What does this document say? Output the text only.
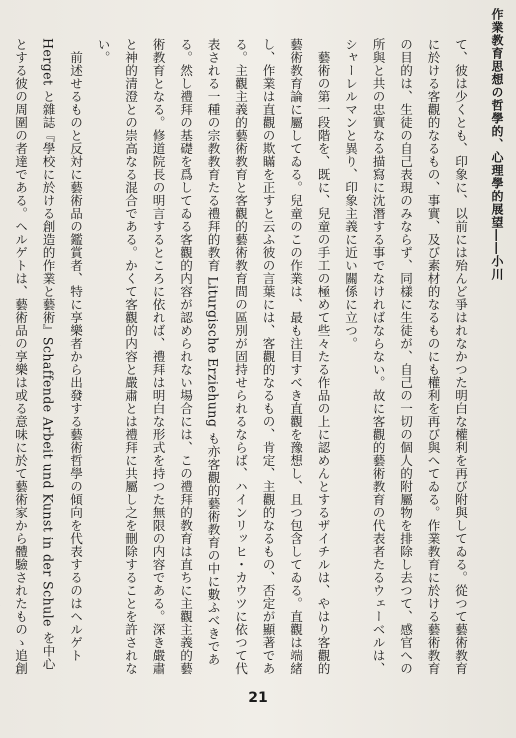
作業教育思想の哲學的、心理學的展望――小川

て、彼は少くとも、印象に、以前には殆んど爭はれなかつた明白な權利を再び附與してゐる。從つて藝術教育に於ける客觀的なるもの、事實、及び素材的なるものにも權利を再び與へてゐる。作業教育に於ける藝術教育の目的は、生徒の自己表現のみならず、同樣に生徒が、自己の一切の個人的附屬物を排除し去つて、感官への所與と共の忠實なる描寫に沈潛する事でなければならない。故に客觀的藝術教育の代表者たるウェーベルは、シャーレルマンと異り、印象主義に近い關係に立つ。

藝術の第一段階を、既に、兒童の手工の極めて些々たる作品の上に認めんとするザイチルは、やはり客觀的藝術教育論に屬してゐる。兒童のこの作業は、最も注目すべき直觀を豫想し、且つ包含してゐる。直觀は端緒し、作業は直觀の欺瞞を正すと云ふ彼の言葉には、客觀的なるもの、肯定、主觀的なるもの、否定が顯著である。主觀主義的藝術教育と客觀的藝術教育間の區別が固持せられるならば、ハインリッヒ・カウツに依つて代表される一種の宗教教育たる禮拜的教育 Liturgische Erziehung も亦客觀的藝術教育の中に數ふべきである。然し禮拜の基礎を爲してゐる客觀的内容が認められない場合には、この禮拜的教育は直ちに主觀主義的藝術教育となる。修道院長の明言するところに依れば、禮拜は明白な形式を持つた無限の内容である。深き嚴肅と神的清澄との崇高なる混合である。かくて客觀的内容と嚴肅とは禮拜に共屬し之を刪除することを許されない。

前述せるものと反対に藝術品の鑑賞者、特に享樂者から出發する藝術哲學の傾向を代表するのはヘルゲト Herget と雜誌『學校に於ける創造的作業と藝術』Schaffende Arbeit und Kunst in der Schule を中心とする彼の周圍の者達である。ヘルゲトは、藝術品の享樂は或る意味に於て藝術家から體驗されたものゝ追創

21
